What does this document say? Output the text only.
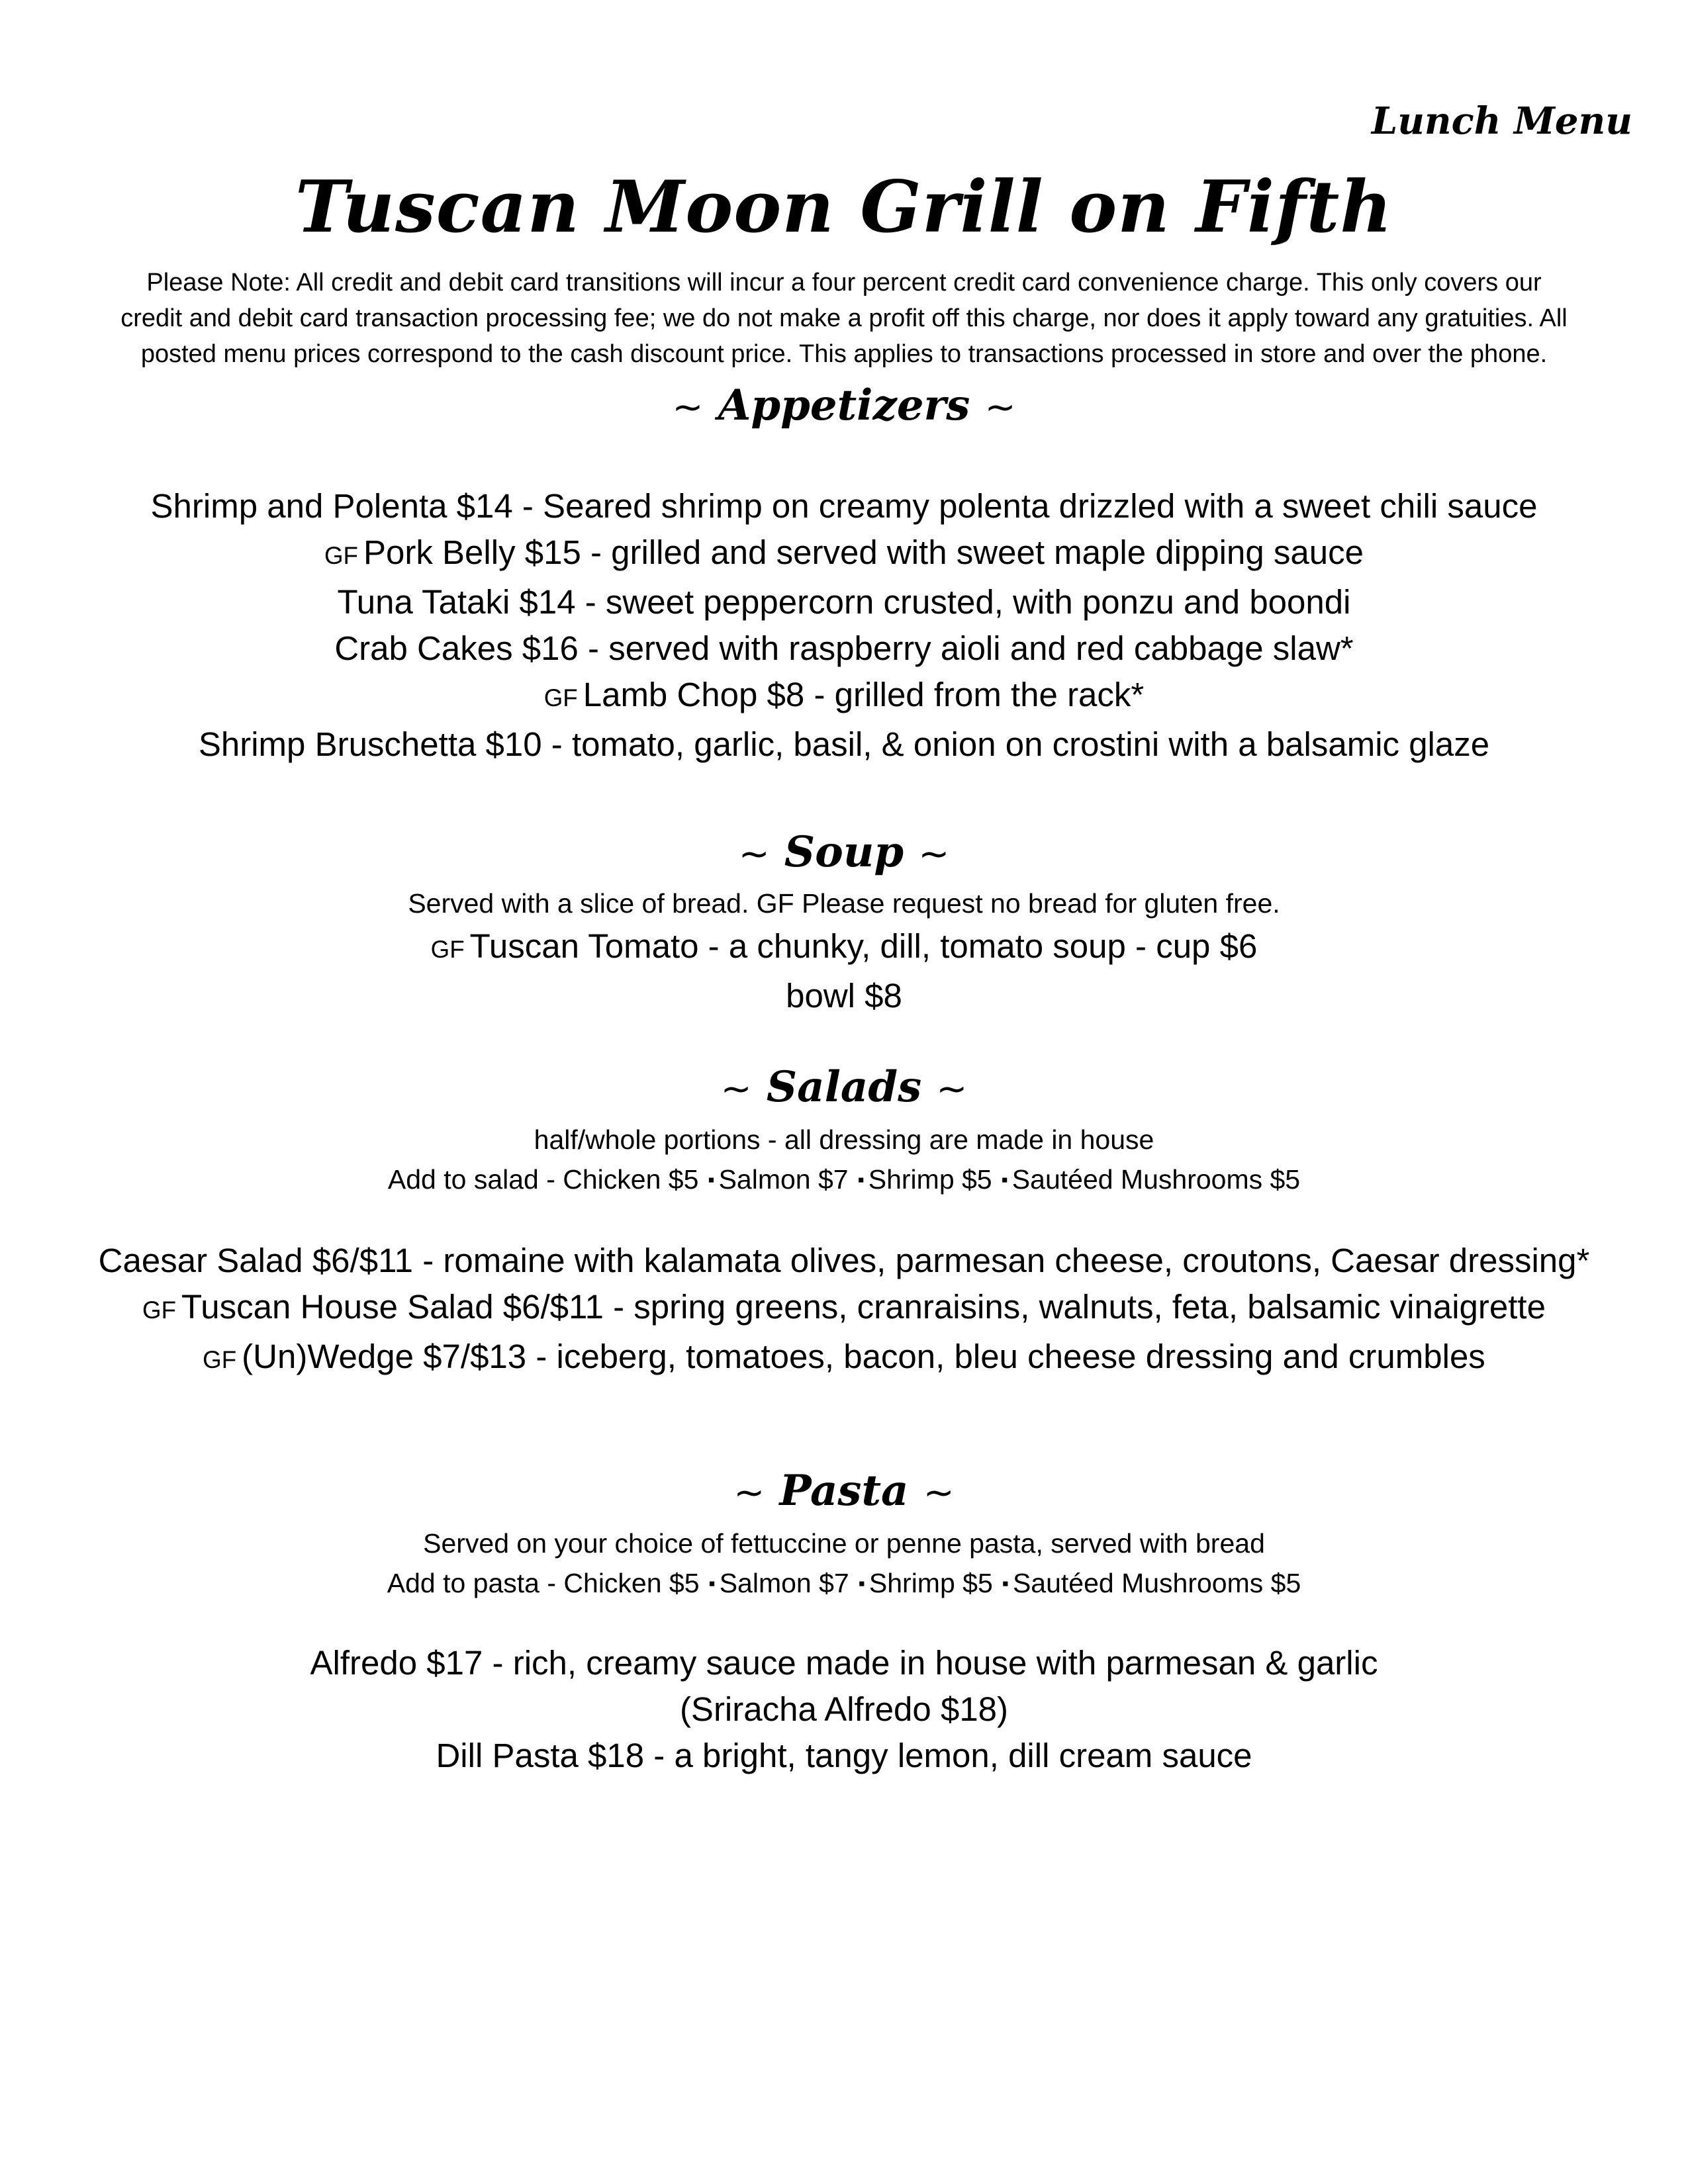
Lunch Menu
Tuscan Moon Grill on Fifth
Please Note: All credit and debit card transitions will incur a four percent credit card convenience charge. This only covers our
credit and debit card transaction processing fee; we do not make a profit off this charge, nor does it apply toward any gratuities. All
posted menu prices correspond to the cash discount price. This applies to transactions processed in store and over the phone.
~ Appetizers ~
Shrimp and Polenta $14 - Seared shrimp on creamy polenta drizzled with a sweet chili sauce
GF Pork Belly $15 - grilled and served with sweet maple dipping sauce
Tuna Tataki $14 - sweet peppercorn crusted, with ponzu and boondi
Crab Cakes $16 - served with raspberry aioli and red cabbage slaw*
GF Lamb Chop $8 - grilled from the rack*
Shrimp Bruschetta $10 - tomato, garlic, basil, & onion on crostini with a balsamic glaze
~ Soup ~
Served with a slice of bread. GF Please request no bread for gluten free.
GF Tuscan Tomato - a chunky, dill, tomato soup - cup $6
bowl $8
~ Salads ~
half/whole portions - all dressing are made in house
Add to salad - Chicken $5 ▪ Salmon $7 ▪ Shrimp $5 ▪ Sautéed Mushrooms $5
Caesar Salad $6/$11 - romaine with kalamata olives, parmesan cheese, croutons, Caesar dressing*
GF Tuscan House Salad $6/$11 - spring greens, cranraisins, walnuts, feta, balsamic vinaigrette
GF (Un)Wedge $7/$13 - iceberg, tomatoes, bacon, bleu cheese dressing and crumbles
~ Pasta ~
Served on your choice of fettuccine or penne pasta, served with bread
Add to pasta - Chicken $5 ▪ Salmon $7 ▪ Shrimp $5 ▪ Sautéed Mushrooms $5
Alfredo $17 - rich, creamy sauce made in house with parmesan & garlic
(Sriracha Alfredo $18)
Dill Pasta $18 - a bright, tangy lemon, dill cream sauce
